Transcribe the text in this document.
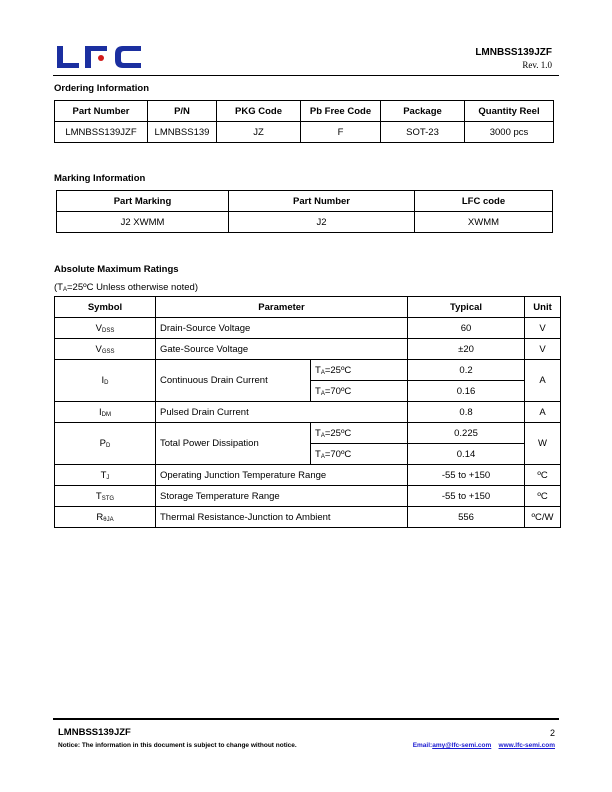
LMNBSS139JZF
Rev. 1.0
Ordering Information
Part Number	P/N	PKG Code	Pb Free Code	Package	Quantity Reel
LMNBSS139JZF	LMNBSS139	JZ	F	SOT-23	3000 pcs
Marking Information
Part Marking	Part Number	LFC code
J2 XWMM	J2	XWMM
Absolute Maximum Ratings
($T_A=25ºC$ Unless otherwise noted)
Symbol	Parameter		Typical	Unit
$V_{DSS}$	Drain-Source Voltage		60	V
$V_{GSS}$	Gate-Source Voltage		±20	V
$I_D$	Continuous Drain Current	$T_A=25ºC$	0.2	A
		$T_A=70ºC$	0.16	
$I_{DM}$	Pulsed Drain Current		0.8	A
$P_D$	Total Power Dissipation	$T_A=25ºC$	0.225	W
		$T_A=70ºC$	0.14	
$T_J$	Operating Junction Temperature Range		-55 to +150	ºC
$T_{STG}$	Storage Temperature Range		-55 to +150	ºC
$R_{\theta JA}$	Thermal Resistance-Junction to Ambient		556	ºC/W
LMNBSS139JZF	2
Notice: The information in this document is subject to change without notice.	Email:amy@lfc-semi.com www.lfc-semi.com
